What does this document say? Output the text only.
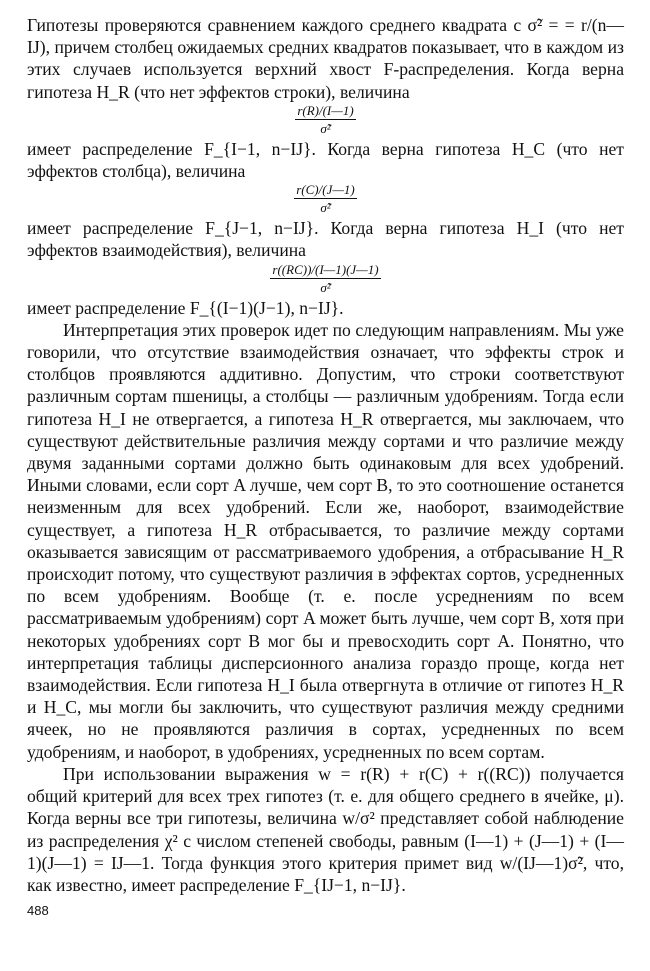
Гипотезы проверяются сравнением каждого среднего квадрата с σ̃² = = r/(n—IJ), причем столбец ожидаемых средних квадратов показывает, что в каждом из этих случаев используется верхний хвост F-распределения. Когда верна гипотеза H_R (что нет эффектов строки), величина

$\frac{r(R)/(I—1)}{\text{σ̃²}}$

имеет распределение F_{I−1, n−IJ}. Когда верна гипотеза H_C (что нет эффектов столбца), величина

$\frac{r(C)/(J—1)}{\text{σ̃²}}$

имеет распределение F_{J−1, n−IJ}. Когда верна гипотеза H_I (что нет эффектов взаимодействия), величина

$\frac{r((RC))/(I—1)(J—1)}{\text{σ̃²}}$

имеет распределение F_{(I−1)(J−1), n−IJ}.

Интерпретация этих проверок идет по следующим направлениям. Мы уже говорили, что отсутствие взаимодействия означает, что эффекты строк и столбцов проявляются аддитивно. Допустим, что строки соответствуют различным сортам пшеницы, а столбцы — различным удобрениям. Тогда если гипотеза H_I не отвергается, а гипотеза H_R отвергается, мы заключаем, что существуют действительные различия между сортами и что различие между двумя заданными сортами должно быть одинаковым для всех удобрений. Иными словами, если сорт A лучше, чем сорт B, то это соотношение останется неизменным для всех удобрений. Если же, наоборот, взаимодействие существует, а гипотеза H_R отбрасывается, то различие между сортами оказывается зависящим от рассматриваемого удобрения, а отбрасывание H_R происходит потому, что существуют различия в эффектах сортов, усредненных по всем удобрениям. Вообще (т. е. после усреднениям по всем рассматриваемым удобрениям) сорт A может быть лучше, чем сорт B, хотя при некоторых удобрениях сорт B мог бы и превосходить сорт A. Понятно, что интерпретация таблицы дисперсионного анализа гораздо проще, когда нет взаимодействия. Если гипотеза H_I была отвергнута в отличие от гипотез H_R и H_C, мы могли бы заключить, что существуют различия между средними ячеек, но не проявляются различия в сортах, усредненных по всем удобрениям, и наоборот, в удобрениях, усредненных по всем сортам.

При использовании выражения w = r(R) + r(C) + r((RC)) получается общий критерий для всех трех гипотез (т. е. для общего среднего в ячейке, μ). Когда верны все три гипотезы, величина w/σ² представляет собой наблюдение из распределения χ² с числом степеней свободы, равным (I—1) + (J—1) + (I—1)(J—1) = IJ—1. Тогда функция этого критерия примет вид w/(IJ—1)σ̃², что, как известно, имеет распределение F_{IJ−1, n−IJ}.

488
